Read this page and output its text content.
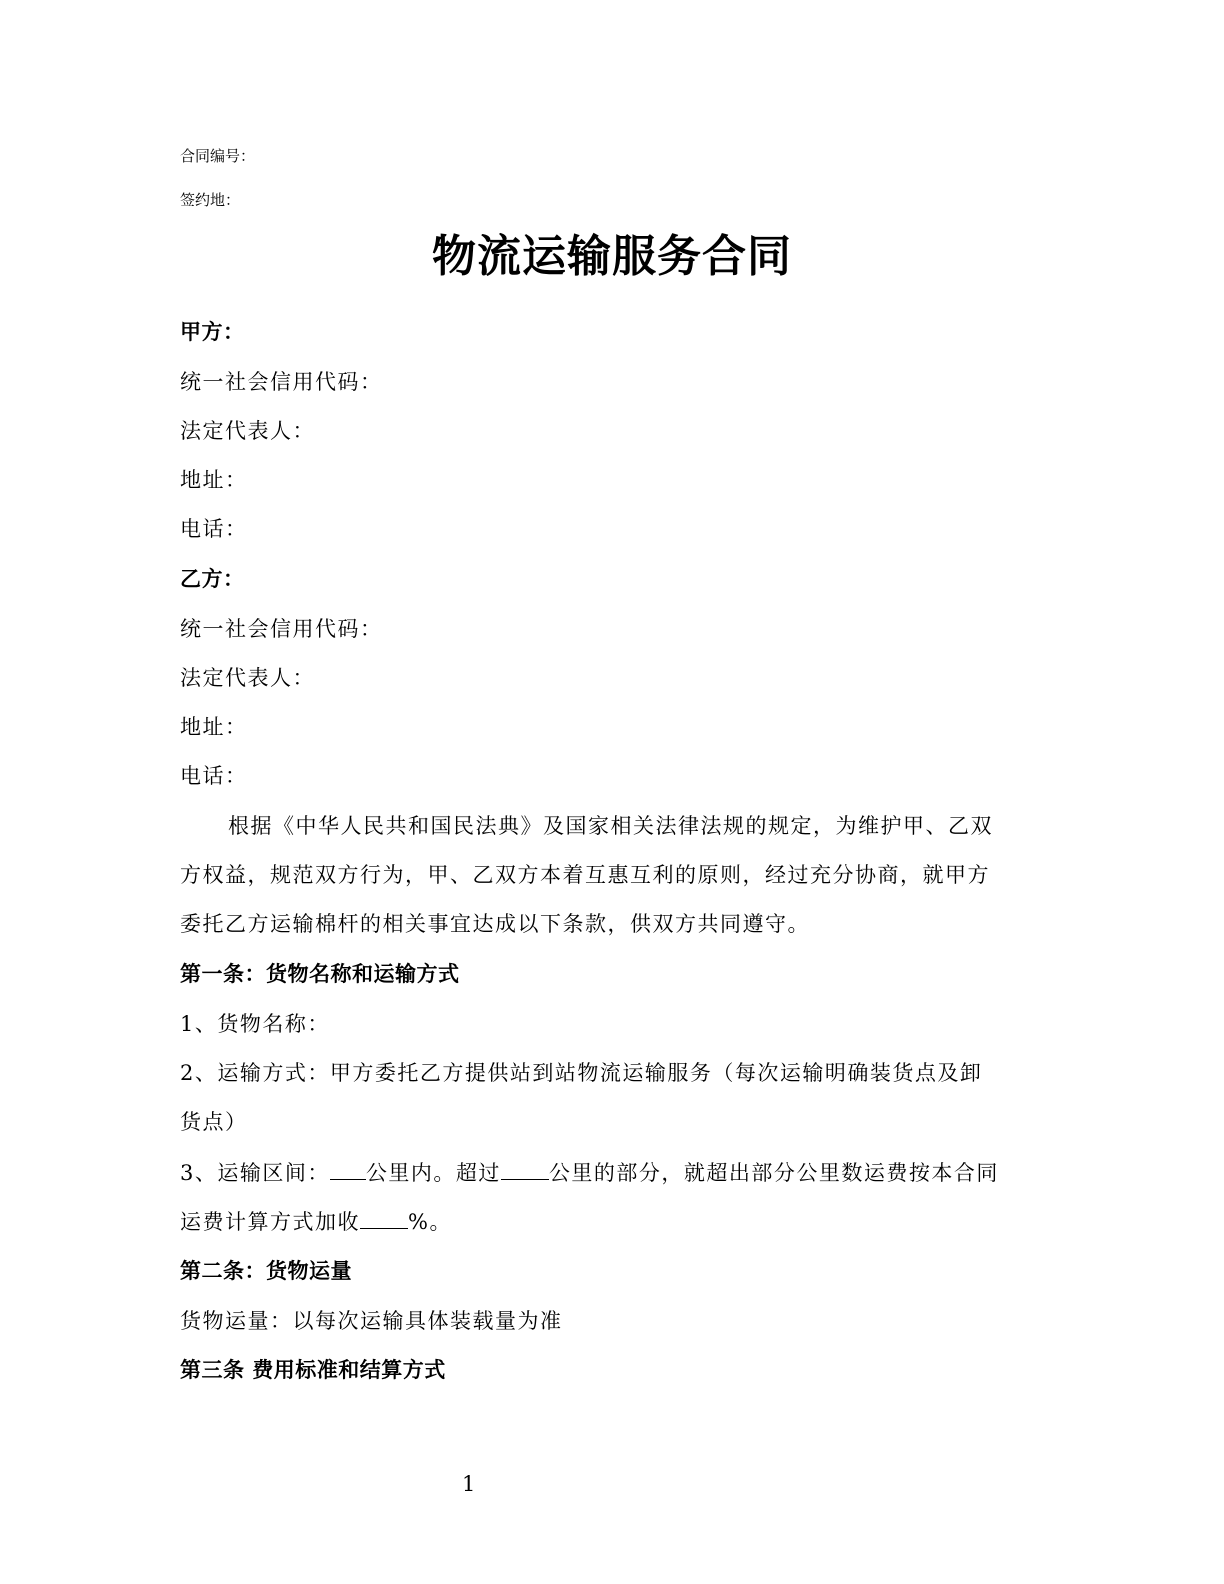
合同编号：
签约地：
物流运输服务合同
甲方：
统一社会信用代码：
法定代表人：
地址：
电话：
乙方：
统一社会信用代码：
法定代表人：
地址：
电话：
根据《中华人民共和国民法典》及国家相关法律法规的规定，为维护甲、乙双
方权益，规范双方行为，甲、乙双方本着互惠互利的原则，经过充分协商，就甲方
委托乙方运输棉杆的相关事宜达成以下条款，供双方共同遵守。
第一条：货物名称和运输方式
1、货物名称：
2、运输方式：甲方委托乙方提供站到站物流运输服务（每次运输明确装货点及卸
货点）
3、运输区间： 公里内。超过 公里的部分，就超出部分公里数运费按本合同
运费计算方式加收 %。
第二条：货物运量
货物运量：以每次运输具体装载量为准
第三条 费用标准和结算方式
1
